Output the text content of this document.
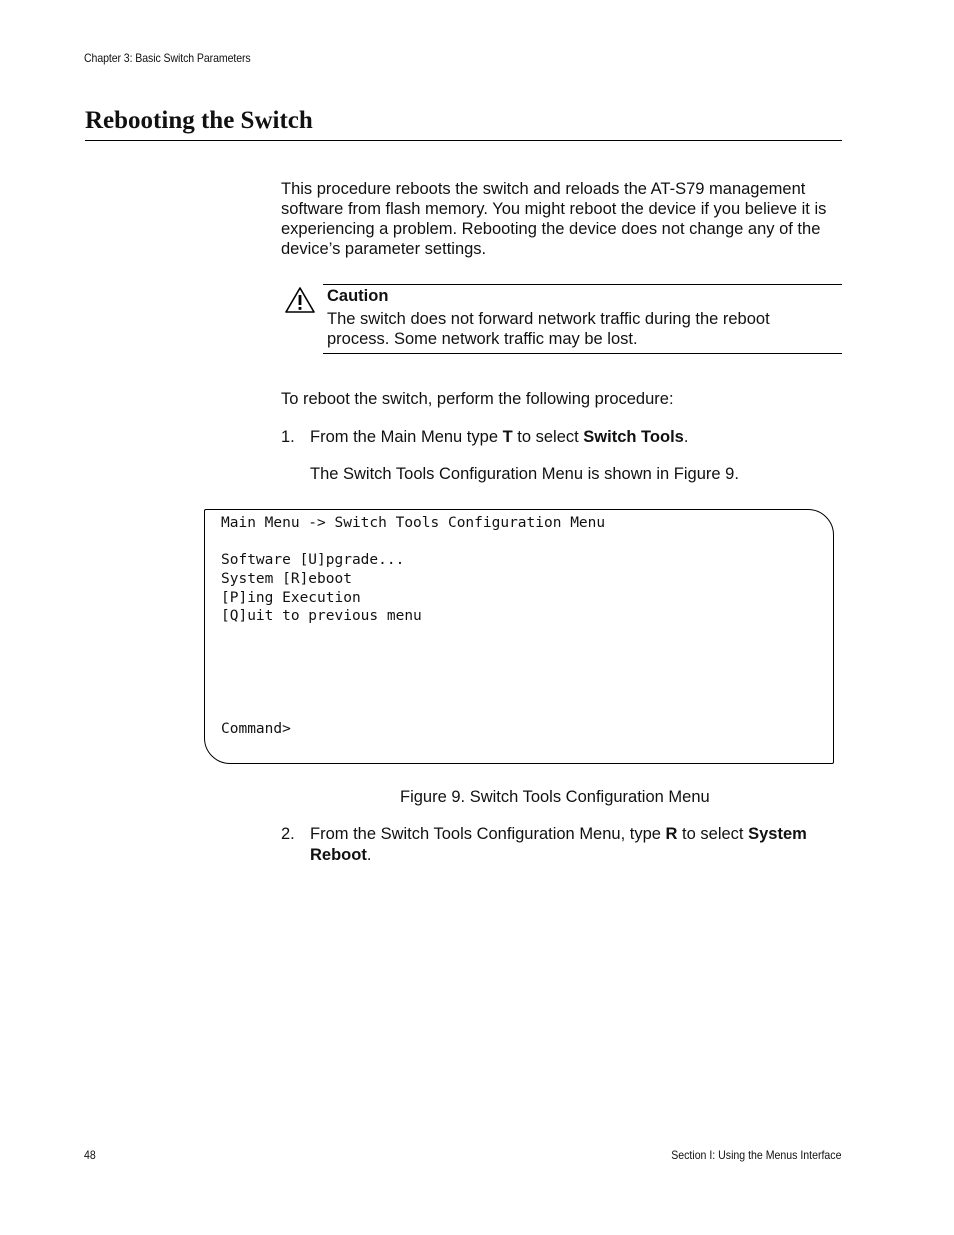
Chapter 3: Basic Switch Parameters
Rebooting the Switch

This procedure reboots the switch and reloads the AT-S79 management software from flash memory. You might reboot the device if you believe it is experiencing a problem. Rebooting the device does not change any of the device’s parameter settings.

Caution
The switch does not forward network traffic during the reboot process. Some network traffic may be lost.

To reboot the switch, perform the following procedure:

1. From the Main Menu type T to select Switch Tools.
The Switch Tools Configuration Menu is shown in Figure 9.
Main Menu -> Switch Tools Configuration Menu
Software [U]pgrade...
System [R]eboot
[P]ing Execution
[Q]uit to previous menu
Command>
Figure 9. Switch Tools Configuration Menu
2. From the Switch Tools Configuration Menu, type R to select System Reboot.
48	Section I: Using the Menus Interface
